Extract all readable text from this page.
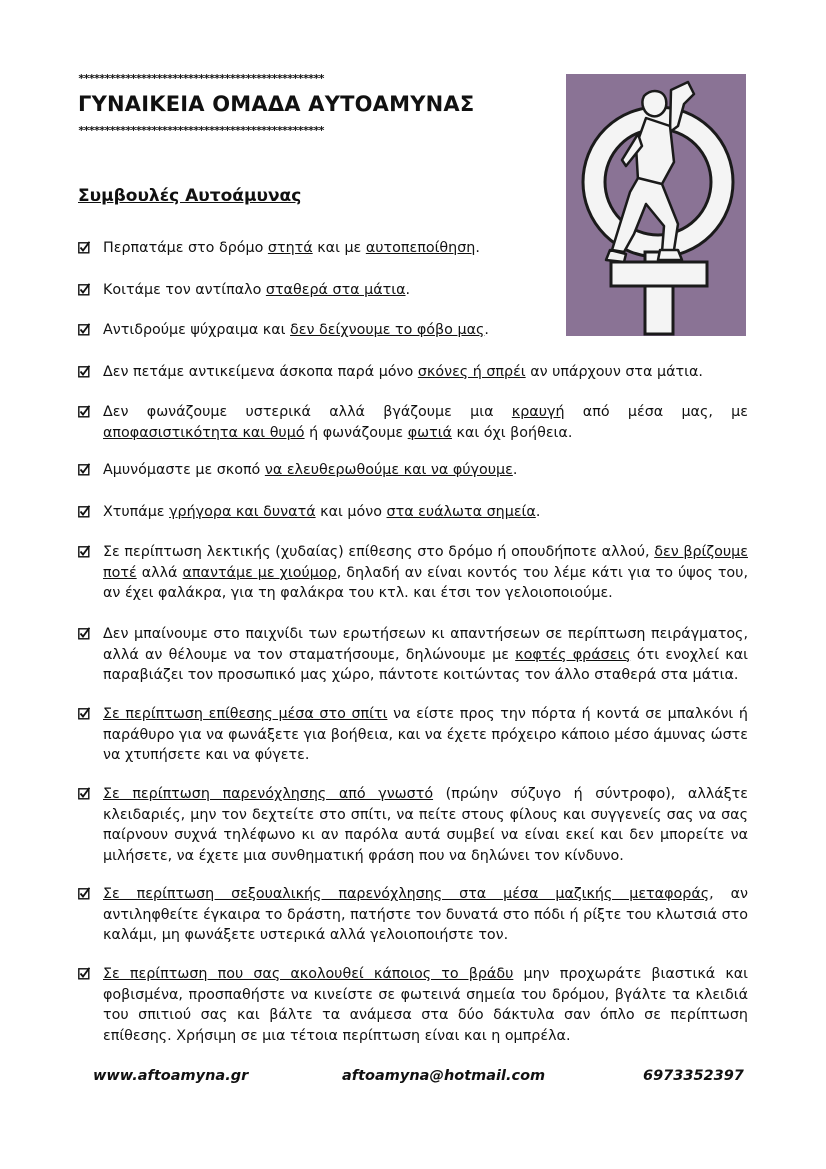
***********************************************
ΓΥΝΑΙΚΕΙΑ ΟΜΑΔΑ ΑΥΤΟΑΜΥΝΑΣ
***********************************************
Συμβουλές Αυτοάμυνας
Περπατάμε στο δρόμο στητά και με αυτοπεποίθηση.
Κοιτάμε τον αντίπαλο σταθερά στα μάτια.
Αντιδρούμε ψύχραιμα και δεν δείχνουμε το φόβο μας.
Δεν πετάμε αντικείμενα άσκοπα παρά μόνο σκόνες ή σπρέι αν υπάρχουν στα μάτια.
Δεν φωνάζουμε υστερικά αλλά βγάζουμε μια κραυγή από μέσα μας, με αποφασιστικότητα και θυμό ή φωνάζουμε φωτιά και όχι βοήθεια.
Αμυνόμαστε με σκοπό να ελευθερωθούμε και να φύγουμε.
Χτυπάμε γρήγορα και δυνατά και μόνο στα ευάλωτα σημεία.
Σε περίπτωση λεκτικής (χυδαίας) επίθεσης στο δρόμο ή οπουδήποτε αλλού, δεν βρίζουμε ποτέ αλλά απαντάμε με χιούμορ, δηλαδή αν είναι κοντός του λέμε κάτι για το ύψος του, αν έχει φαλάκρα, για τη φαλάκρα του κτλ. και έτσι τον γελοιοποιούμε.
Δεν μπαίνουμε στο παιχνίδι των ερωτήσεων κι απαντήσεων σε περίπτωση πειράγματος, αλλά αν θέλουμε να τον σταματήσουμε, δηλώνουμε με κοφτές φράσεις ότι ενοχλεί και παραβιάζει τον προσωπικό μας χώρο, πάντοτε κοιτώντας τον άλλο σταθερά στα μάτια.
Σε περίπτωση επίθεσης μέσα στο σπίτι να είστε προς την πόρτα ή κοντά σε μπαλκόνι ή παράθυρο για να φωνάξετε για βοήθεια, και να έχετε πρόχειρο κάποιο μέσο άμυνας ώστε να χτυπήσετε και να φύγετε.
Σε περίπτωση παρενόχλησης από γνωστό (πρώην σύζυγο ή σύντροφο), αλλάξτε κλειδαριές, μην τον δεχτείτε στο σπίτι, να πείτε στους φίλους και συγγενείς σας να σας παίρνουν συχνά τηλέφωνο κι αν παρόλα αυτά συμβεί να είναι εκεί και δεν μπορείτε να μιλήσετε, να έχετε μια συνθηματική φράση που να δηλώνει τον κίνδυνο.
Σε περίπτωση σεξουαλικής παρενόχλησης στα μέσα μαζικής μεταφοράς, αν αντιληφθείτε έγκαιρα το δράστη, πατήστε τον δυνατά στο πόδι ή ρίξτε του κλωτσιά στο καλάμι, μη φωνάξετε υστερικά αλλά γελοιοποιήστε τον.
Σε περίπτωση που σας ακολουθεί κάποιος το βράδυ μην προχωράτε βιαστικά και φοβισμένα, προσπαθήστε να κινείστε σε φωτεινά σημεία του δρόμου, βγάλτε τα κλειδιά του σπιτιού σας και βάλτε τα ανάμεσα στα δύο δάκτυλα σαν όπλο σε περίπτωση επίθεσης. Χρήσιμη σε μια τέτοια περίπτωση είναι και η ομπρέλα.
www.aftoamyna.gr	aftoamyna@hotmail.com	6973352397
